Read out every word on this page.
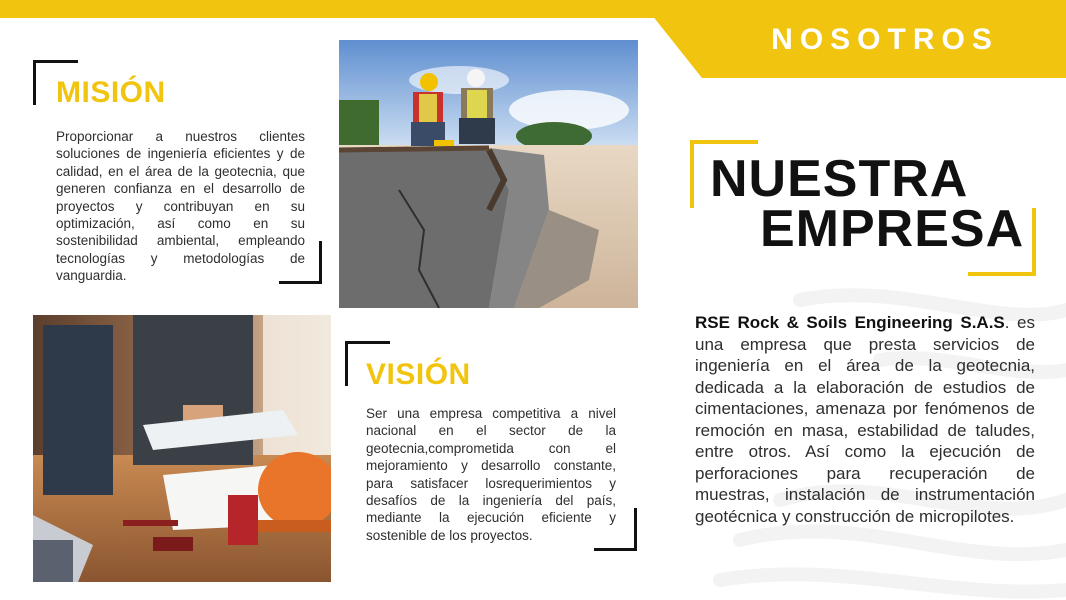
NOSOTROS
MISIÓN
Proporcionar a nuestros clientes soluciones de ingeniería eficientes y de calidad, en el área de la geotecnia, que generen confianza en el desarrollo de proyectos y contribuyan en su optimización, así como en su sostenibilidad ambiental, empleando tecnologías y metodologías de vanguardia.
VISIÓN
Ser una empresa competitiva a nivel nacional en el sector de la geotecnia,comprometida con el mejoramiento y desarrollo constante, para satisfacer losrequerimientos y desafíos de la ingeniería del país, mediante la ejecución eficiente y sostenible de los proyectos.
NUESTRA
EMPRESA
RSE Rock & Soils Engineering S.A.S. es una empresa que presta servicios de ingeniería en el área de la geotecnia, dedicada a la elaboración de estudios de cimentaciones, amenaza por fenómenos de remoción en masa, estabilidad de taludes, entre otros. Así como la ejecución de perforaciones para recuperación de muestras, instalación de instrumentación geotécnica y construcción de micropilotes.
